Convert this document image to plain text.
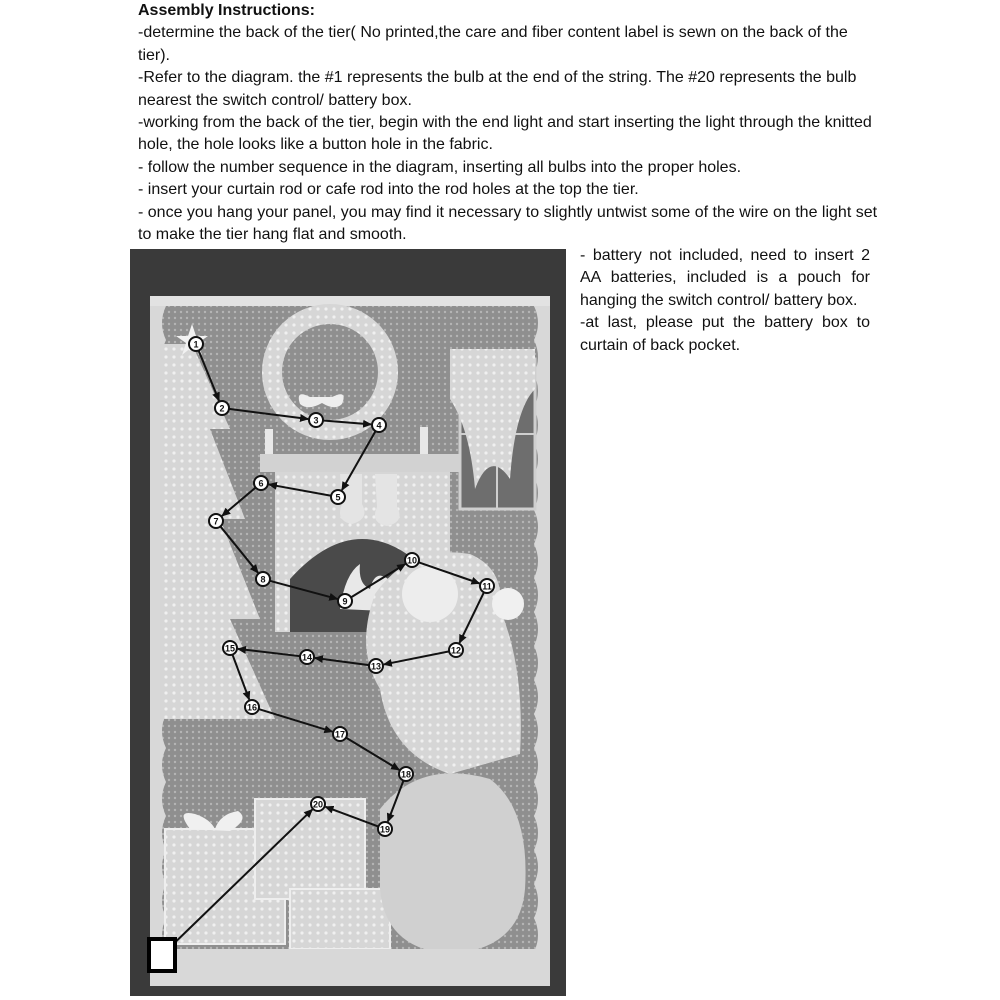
Assembly Instructions:

-determine the back of the tier( No printed,the care and fiber content label is sewn on the back of the tier).

-Refer to the diagram. the #1 represents the bulb at the end of the string. The #20 represents the bulb nearest the switch control/ battery box.

-working from the back of the tier, begin with the end light and start inserting the light through the knitted hole, the hole looks like a button hole in the fabric.

- follow the number sequence in the diagram, inserting all bulbs into the proper holes.

- insert your curtain rod or cafe rod into the rod holes at the top the tier.

- once you hang your panel, you may find it necessary to slightly untwist some of the wire on the light set to make the tier hang flat and smooth.

- battery not included, need to insert 2 AA batteries, included is a pouch for hanging the switch control/ battery box.

-at last, please put the battery box to curtain of back pocket.

1
2
3	4
5
6
7
8
9
10
11
12
13
14
15
16
17
18
19
20
